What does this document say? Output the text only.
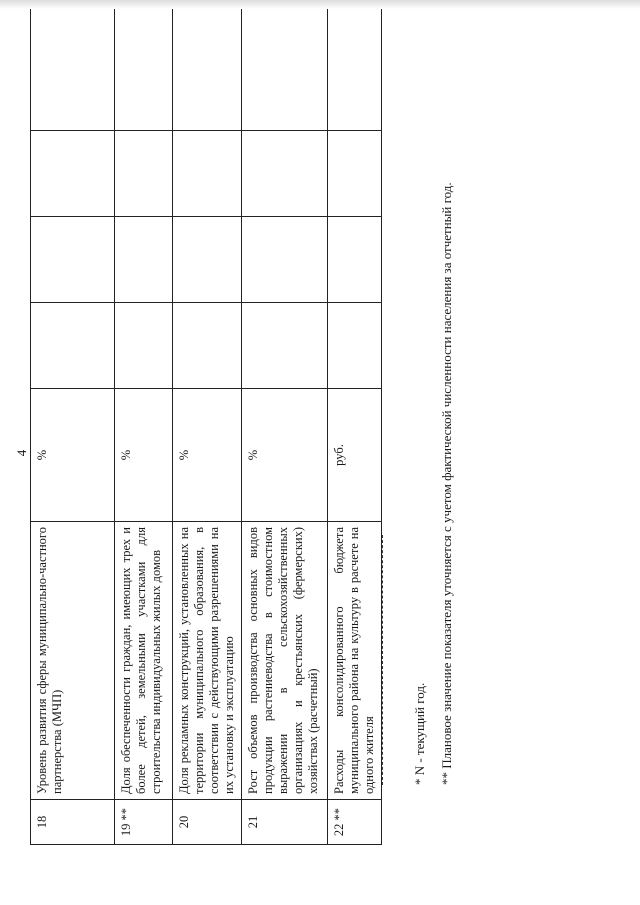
4
18	Уровень развития сферы муниципально-частного партнерства (МЧП)	%				
19 **	Доля обеспеченности граждан, имеющих трех и более детей, земельными участками для строительства индивидуальных жилых домов	%				
20	Доля рекламных конструкций, установленных на территории муниципального образования, в соответствии с действующими разрешениями на их установку и эксплуатацию	%				
21	Рост объемов производства основных видов продукции растениеводства в стоимостном выражении в сельскохозяйственных организациях и крестьянских (фермерских) хозяйствах (расчетный)	%				
22 **	Расходы консолидированного бюджета муниципального района на культуру в расчете на одного жителя	руб.				
* N - текущий год. ** Плановое значение показателя уточняется с учетом фактической численности населения за отчетный год.
